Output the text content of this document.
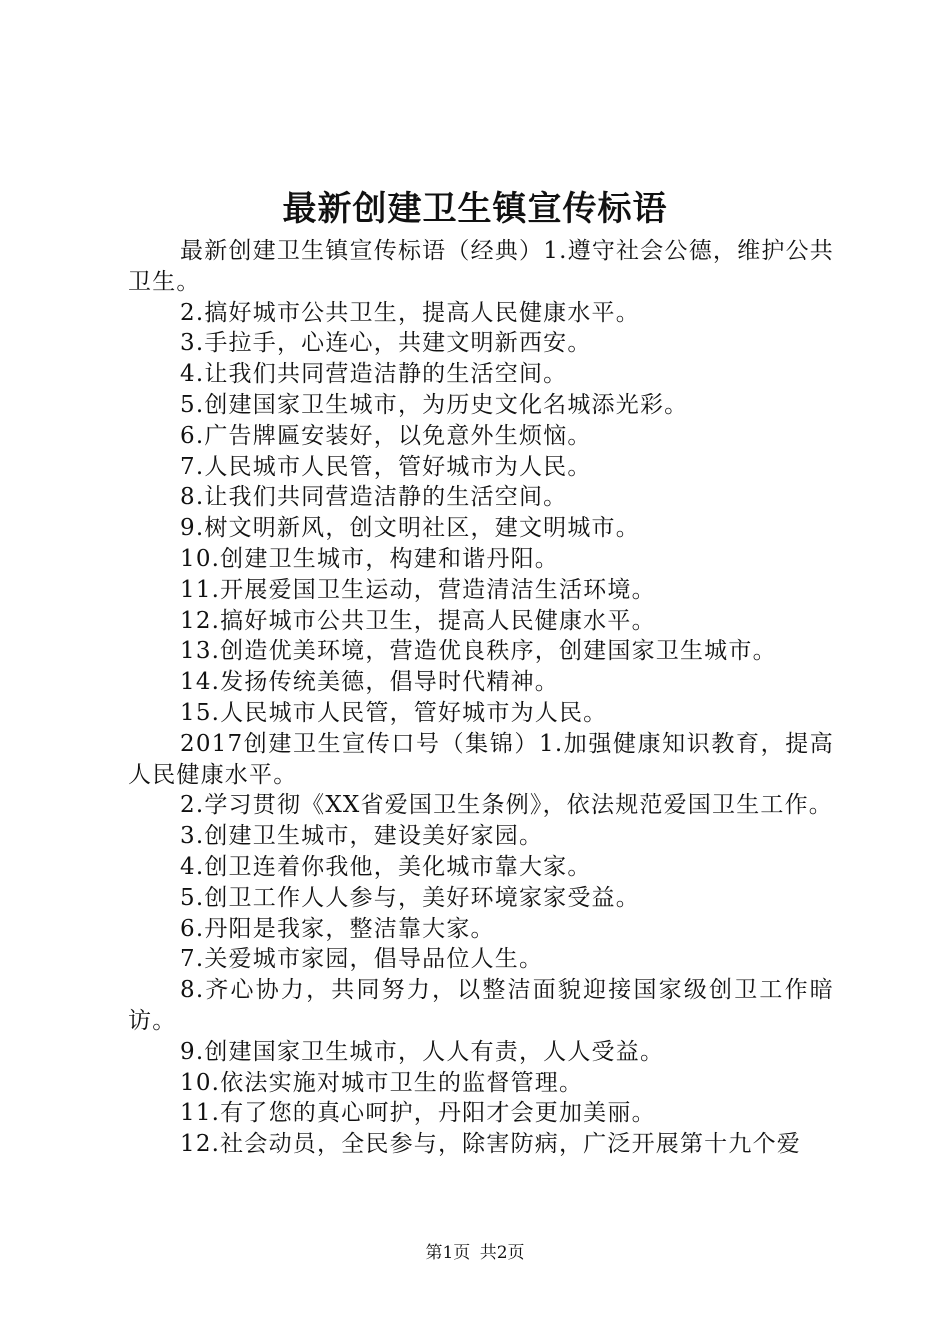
最新创建卫生镇宣传标语

最新创建卫生镇宣传标语（经典）1.遵守社会公德，维护公共卫生。

2.搞好城市公共卫生，提高人民健康水平。

3.手拉手，心连心，共建文明新西安。

4.让我们共同营造洁静的生活空间。

5.创建国家卫生城市，为历史文化名城添光彩。

6.广告牌匾安装好，以免意外生烦恼。

7.人民城市人民管，管好城市为人民。

8.让我们共同营造洁静的生活空间。

9.树文明新风，创文明社区，建文明城市。

10.创建卫生城市，构建和谐丹阳。

11.开展爱国卫生运动，营造清洁生活环境。

12.搞好城市公共卫生，提高人民健康水平。

13.创造优美环境，营造优良秩序，创建国家卫生城市。

14.发扬传统美德，倡导时代精神。

15.人民城市人民管，管好城市为人民。

2017创建卫生宣传口号（集锦）1.加强健康知识教育，提高人民健康水平。

2.学习贯彻《XX省爱国卫生条例》，依法规范爱国卫生工作。

3.创建卫生城市，建设美好家园。

4.创卫连着你我他，美化城市靠大家。

5.创卫工作人人参与，美好环境家家受益。

6.丹阳是我家，整洁靠大家。

7.关爱城市家园，倡导品位人生。

8.齐心协力，共同努力，以整洁面貌迎接国家级创卫工作暗访。

9.创建国家卫生城市，人人有责，人人受益。

10.依法实施对城市卫生的监督管理。

11.有了您的真心呵护，丹阳才会更加美丽。

12.社会动员，全民参与，除害防病，广泛开展第十九个爱

第1页 共2页
